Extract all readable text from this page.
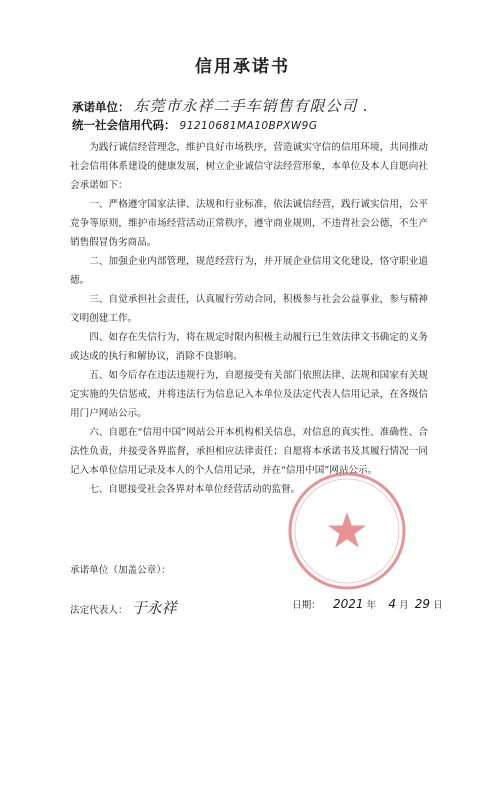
信用承诺书
承诺单位： 东莞市永祥二手车销售有限公司 .
统一社会信用代码： 91210681MA10BPXW9G

为践行诚信经营理念，维护良好市场秩序，营造诚实守信的信用环境，共同推动社会信用体系建设的健康发展，树立企业诚信守法经营形象，本单位及本人自愿向社会承诺如下：

一、严格遵守国家法律、法规和行业标准，依法诚信经营，践行诚实信用，公平竞争等原则，维护市场经营活动正常秩序，遵守商业规则，不违背社会公德，不生产销售假冒伪劣商品。

二、加强企业内部管理，规范经营行为，并开展企业信用文化建设，恪守职业道德。

三、自觉承担社会责任，认真履行劳动合同，积极参与社会公益事业，参与精神文明创建工作。

四、如存在失信行为，将在规定时限内积极主动履行已生效法律文书确定的义务或达成的执行和解协议，消除不良影响。

五、如今后存在违法违规行为，自愿接受有关部门依照法律、法规和国家有关规定实施的失信惩戒，并将违法行为信息记入本单位及法定代表人信用记录，在各级信用门户网站公示。

六、自愿在“信用中国”网站公开本机构相关信息，对信息的真实性、准确性、合法性负责，并接受各界监督，承担相应法律责任；自愿将本承诺书及其履行情况一同记入本单位信用记录及本人的个人信用记录，并在“信用中国”网站公示。

七、自愿接受社会各界对本单位经营活动的监督。

承诺单位（加盖公章）：
法定代表人： 于永祥	日期： 2021 年 4 月 29 日
